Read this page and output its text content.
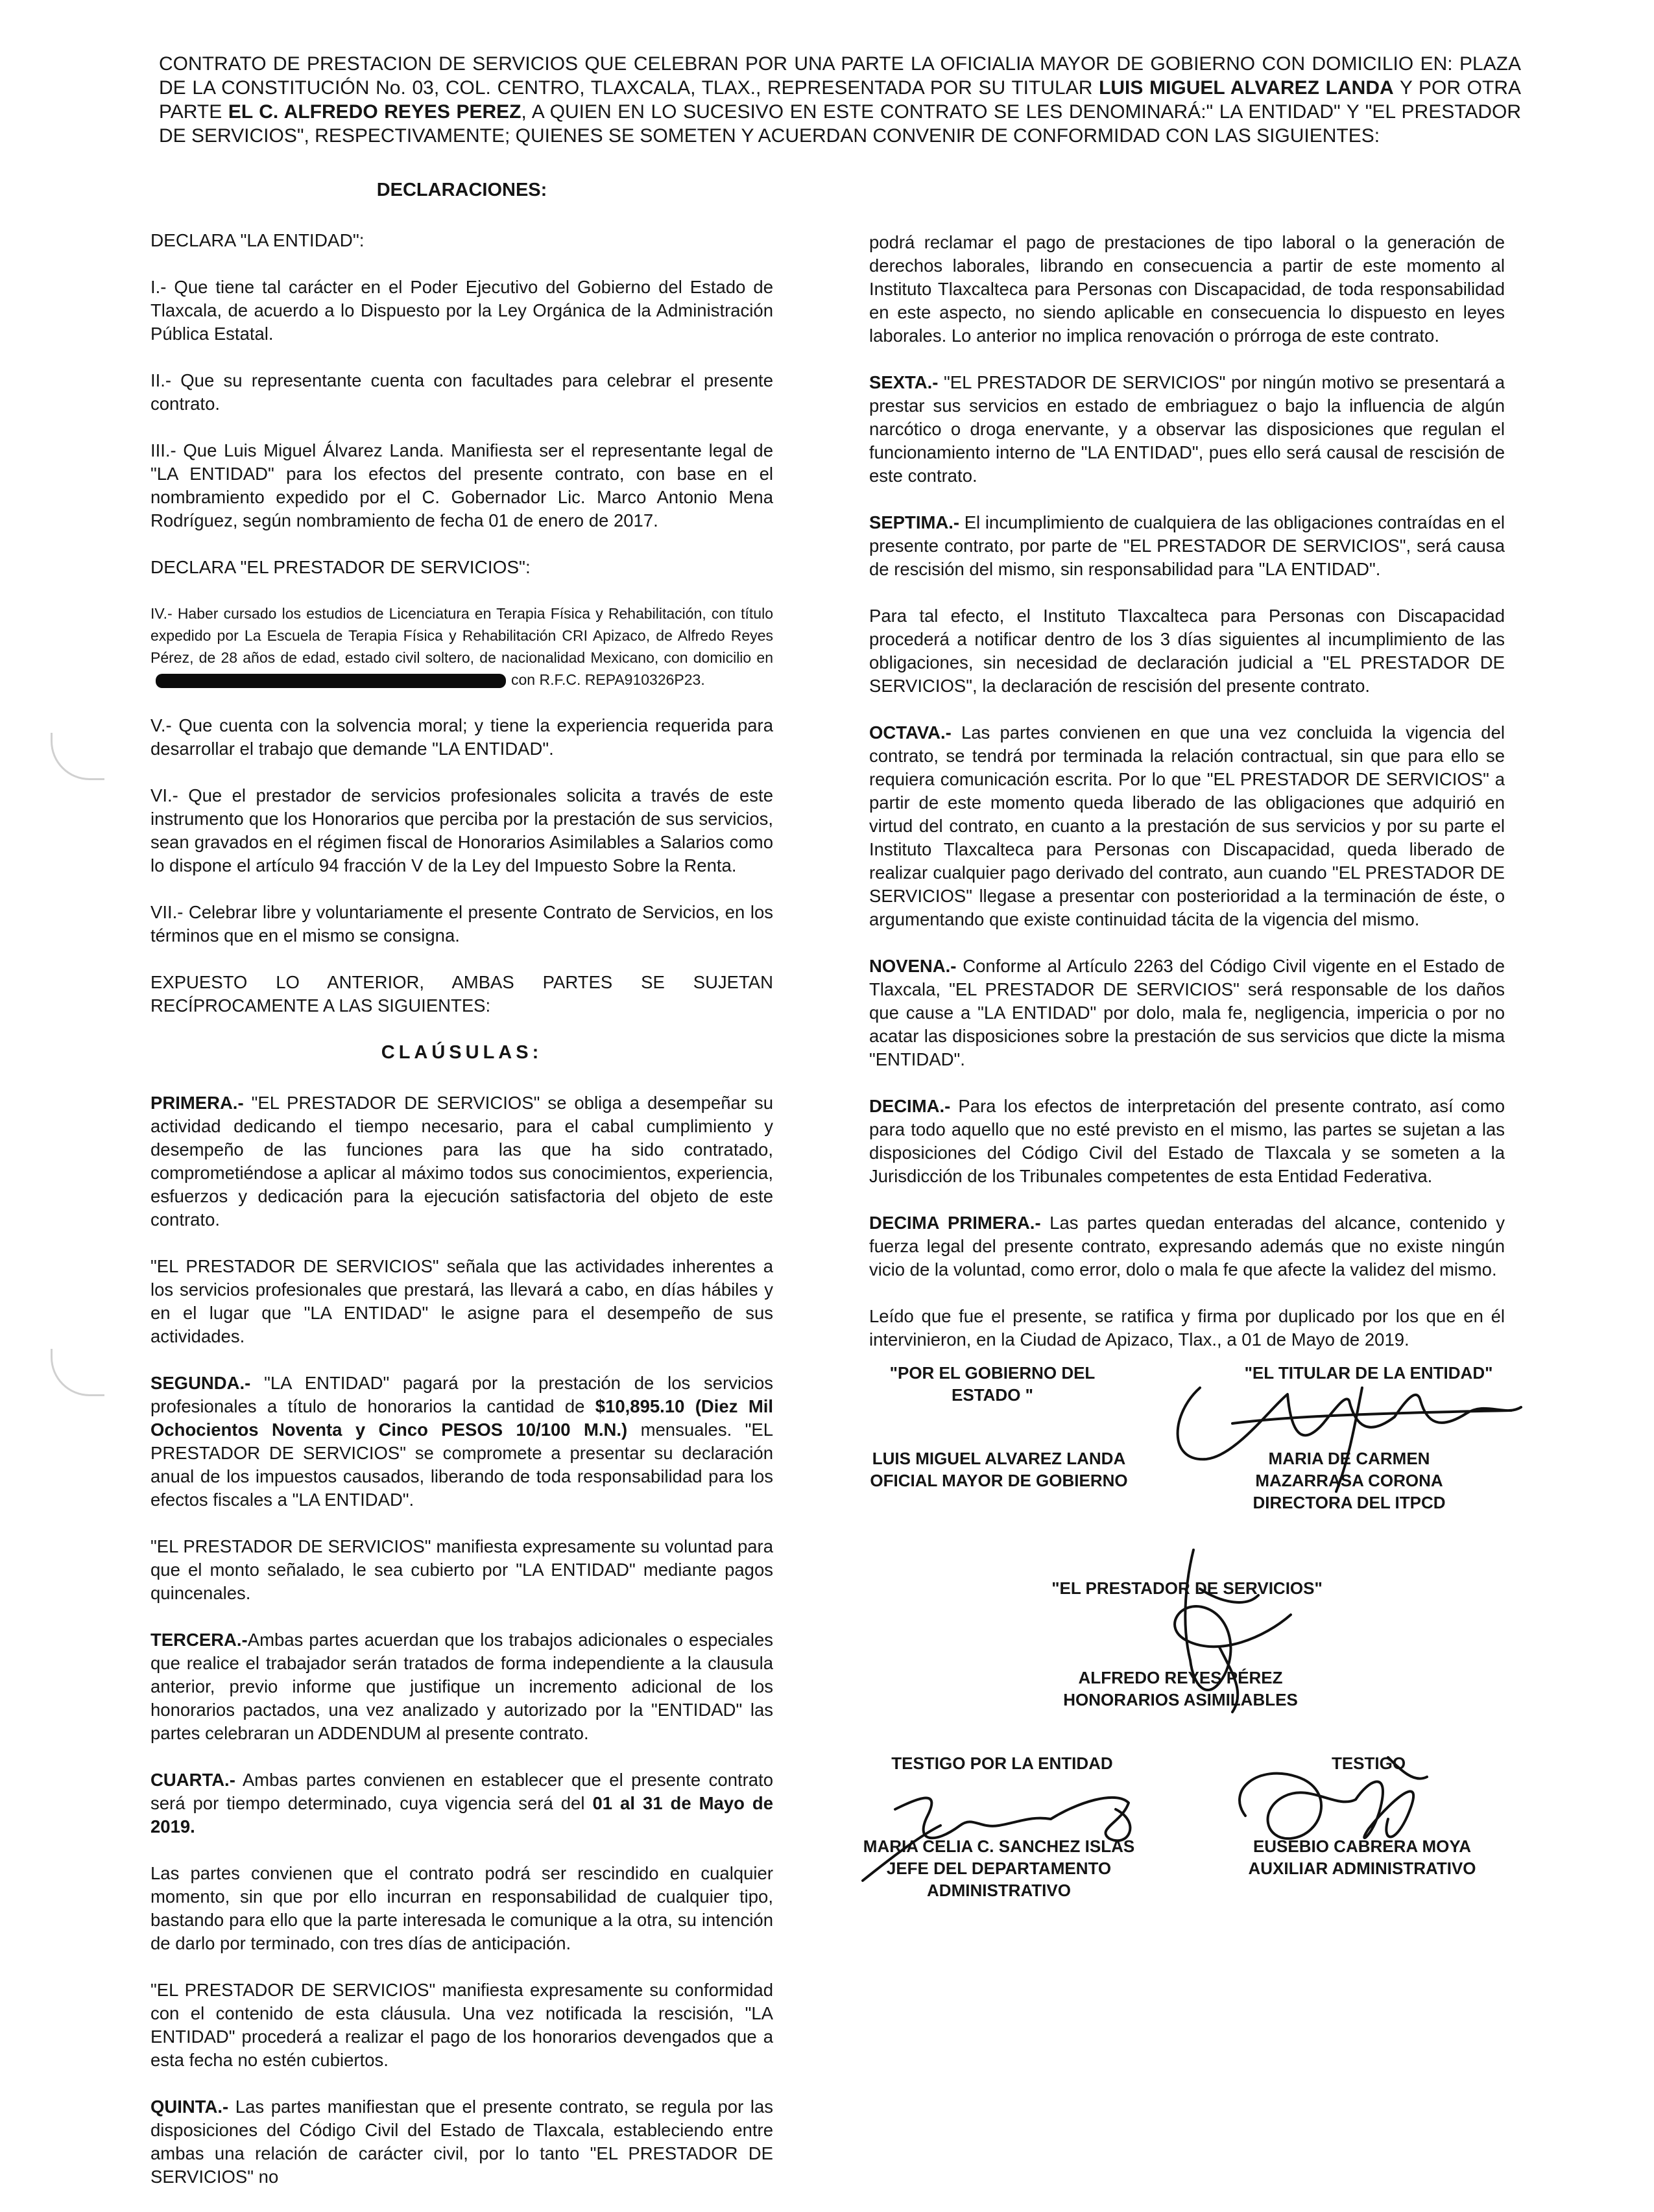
CONTRATO DE PRESTACION DE SERVICIOS QUE CELEBRAN POR UNA PARTE LA OFICIALIA MAYOR DE GOBIERNO CON DOMICILIO EN: PLAZA DE LA CONSTITUCIÓN No. 03, COL. CENTRO, TLAXCALA, TLAX., REPRESENTADA POR SU TITULAR LUIS MIGUEL ALVAREZ LANDA Y POR OTRA PARTE EL C. ALFREDO REYES PEREZ, A QUIEN EN LO SUCESIVO EN ESTE CONTRATO SE LES DENOMINARÁ:" LA ENTIDAD" Y "EL PRESTADOR DE SERVICIOS", RESPECTIVAMENTE; QUIENES SE SOMETEN Y ACUERDAN CONVENIR DE CONFORMIDAD CON LAS SIGUIENTES:
DECLARACIONES:

DECLARA "LA ENTIDAD":

I.- Que tiene tal carácter en el Poder Ejecutivo del Gobierno del Estado de Tlaxcala, de acuerdo a lo Dispuesto por la Ley Orgánica de la Administración Pública Estatal.

II.- Que su representante cuenta con facultades para celebrar el presente contrato.

III.- Que Luis Miguel Álvarez Landa. Manifiesta ser el representante legal de "LA ENTIDAD" para los efectos del presente contrato, con base en el nombramiento expedido por el C. Gobernador Lic. Marco Antonio Mena Rodríguez, según nombramiento de fecha 01 de enero de 2017.

DECLARA "EL PRESTADOR DE SERVICIOS":

IV.- Haber cursado los estudios de Licenciatura en Terapia Física y Rehabilitación, con título expedido por La Escuela de Terapia Física y Rehabilitación CRI Apizaco, de Alfredo Reyes Pérez, de 28 años de edad, estado civil soltero, de nacionalidad Mexicano, con domicilio encon R.F.C. REPA910326P23.

V.- Que cuenta con la solvencia moral; y tiene la experiencia requerida para desarrollar el trabajo que demande "LA ENTIDAD".

VI.- Que el prestador de servicios profesionales solicita a través de este instrumento que los Honorarios que perciba por la prestación de sus servicios, sean gravados en el régimen fiscal de Honorarios Asimilables a Salarios como lo dispone el artículo 94 fracción V de la Ley del Impuesto Sobre la Renta.

VII.- Celebrar libre y voluntariamente el presente Contrato de Servicios, en los términos que en el mismo se consigna.

EXPUESTO LO ANTERIOR, AMBAS PARTES SE SUJETAN RECÍPROCAMENTE A LAS SIGUIENTES:

CLAÚSULAS:

PRIMERA.- "EL PRESTADOR DE SERVICIOS" se obliga a desempeñar su actividad dedicando el tiempo necesario, para el cabal cumplimiento y desempeño de las funciones para las que ha sido contratado, comprometiéndose a aplicar al máximo todos sus conocimientos, experiencia, esfuerzos y dedicación para la ejecución satisfactoria del objeto de este contrato.

"EL PRESTADOR DE SERVICIOS" señala que las actividades inherentes a los servicios profesionales que prestará, las llevará a cabo, en días hábiles y en el lugar que "LA ENTIDAD" le asigne para el desempeño de sus actividades.

SEGUNDA.- "LA ENTIDAD" pagará por la prestación de los servicios profesionales a título de honorarios la cantidad de $10,895.10 (Diez Mil Ochocientos Noventa y Cinco PESOS 10/100 M.N.) mensuales. "EL PRESTADOR DE SERVICIOS" se compromete a presentar su declaración anual de los impuestos causados, liberando de toda responsabilidad para los efectos fiscales a "LA ENTIDAD".

"EL PRESTADOR DE SERVICIOS" manifiesta expresamente su voluntad para que el monto señalado, le sea cubierto por "LA ENTIDAD" mediante pagos quincenales.

TERCERA.-Ambas partes acuerdan que los trabajos adicionales o especiales que realice el trabajador serán tratados de forma independiente a la clausula anterior, previo informe que justifique un incremento adicional de los honorarios pactados, una vez analizado y autorizado por la "ENTIDAD" las partes celebraran un ADDENDUM al presente contrato.

CUARTA.- Ambas partes convienen en establecer que el presente contrato será por tiempo determinado, cuya vigencia será del 01 al 31 de Mayo de 2019.

Las partes convienen que el contrato podrá ser rescindido en cualquier momento, sin que por ello incurran en responsabilidad de cualquier tipo, bastando para ello que la parte interesada le comunique a la otra, su intención de darlo por terminado, con tres días de anticipación.

"EL PRESTADOR DE SERVICIOS" manifiesta expresamente su conformidad con el contenido de esta cláusula. Una vez notificada la rescisión, "LA ENTIDAD" procederá a realizar el pago de los honorarios devengados que a esta fecha no estén cubiertos.

QUINTA.- Las partes manifiestan que el presente contrato, se regula por las disposiciones del Código Civil del Estado de Tlaxcala, estableciendo entre ambas una relación de carácter civil, por lo tanto "EL PRESTADOR DE SERVICIOS" no

podrá reclamar el pago de prestaciones de tipo laboral o la generación de derechos laborales, librando en consecuencia a partir de este momento al Instituto Tlaxcalteca para Personas con Discapacidad, de toda responsabilidad en este aspecto, no siendo aplicable en consecuencia lo dispuesto en leyes laborales. Lo anterior no implica renovación o prórroga de este contrato.

SEXTA.- "EL PRESTADOR DE SERVICIOS" por ningún motivo se presentará a prestar sus servicios en estado de embriaguez o bajo la influencia de algún narcótico o droga enervante, y a observar las disposiciones que regulan el funcionamiento interno de "LA ENTIDAD", pues ello será causal de rescisión de este contrato.

SEPTIMA.- El incumplimiento de cualquiera de las obligaciones contraídas en el presente contrato, por parte de "EL PRESTADOR DE SERVICIOS", será causa de rescisión del mismo, sin responsabilidad para "LA ENTIDAD".

Para tal efecto, el Instituto Tlaxcalteca para Personas con Discapacidad procederá a notificar dentro de los 3 días siguientes al incumplimiento de las obligaciones, sin necesidad de declaración judicial a "EL PRESTADOR DE SERVICIOS", la declaración de rescisión del presente contrato.

OCTAVA.- Las partes convienen en que una vez concluida la vigencia del contrato, se tendrá por terminada la relación contractual, sin que para ello se requiera comunicación escrita. Por lo que "EL PRESTADOR DE SERVICIOS" a partir de este momento queda liberado de las obligaciones que adquirió en virtud del contrato, en cuanto a la prestación de sus servicios y por su parte el Instituto Tlaxcalteca para Personas con Discapacidad, queda liberado de realizar cualquier pago derivado del contrato, aun cuando "EL PRESTADOR DE SERVICIOS" llegase a presentar con posterioridad a la terminación de éste, o argumentando que existe continuidad tácita de la vigencia del mismo.

NOVENA.- Conforme al Artículo 2263 del Código Civil vigente en el Estado de Tlaxcala, "EL PRESTADOR DE SERVICIOS" será responsable de los daños que cause a "LA ENTIDAD" por dolo, mala fe, negligencia, impericia o por no acatar las disposiciones sobre la prestación de sus servicios que dicte la misma "ENTIDAD".

DECIMA.- Para los efectos de interpretación del presente contrato, así como para todo aquello que no esté previsto en el mismo, las partes se sujetan a las disposiciones del Código Civil del Estado de Tlaxcala y se someten a la Jurisdicción de los Tribunales competentes de esta Entidad Federativa.

DECIMA PRIMERA.- Las partes quedan enteradas del alcance, contenido y fuerza legal del presente contrato, expresando además que no existe ningún vicio de la voluntad, como error, dolo o mala fe que afecte la validez del mismo.

Leído que fue el presente, se ratifica y firma por duplicado por los que en él intervinieron, en la Ciudad de Apizaco, Tlax., a 01 de Mayo de 2019.

"POR EL GOBIERNO DEL ESTADO "
"EL TITULAR DE LA ENTIDAD"
LUIS MIGUEL ALVAREZ LANDA
OFICIAL MAYOR DE GOBIERNO
MARIA DE CARMEN MAZARRASA CORONA
DIRECTORA DEL ITPCD
"EL PRESTADOR DE SERVICIOS"
ALFREDO REYES PÉREZ
HONORARIOS ASIMILABLES
TESTIGO POR LA ENTIDAD	TESTIGO
MARIA CELIA C. SANCHEZ ISLAS
JEFE DEL DEPARTAMENTO ADMINISTRATIVO
EUSEBIO CABRERA MOYA
AUXILIAR ADMINISTRATIVO
